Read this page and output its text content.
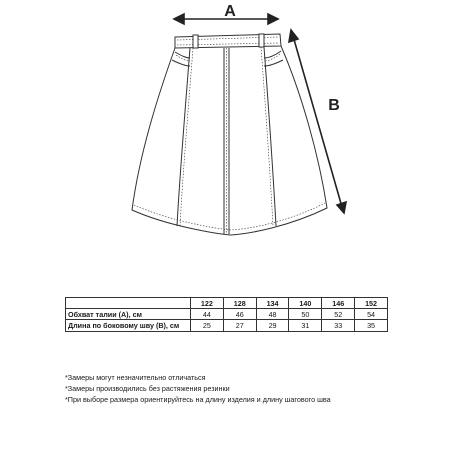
A
B
	122	128	134	140	146	152
Обхват талии (А), см	44	46	48	50	52	54
Длина по боковому шву (В), см	25	27	29	31	33	35
*Замеры могут незначительно отличаться
*Замеры производились без растяжения резинки
*При выборе размера ориентируйтесь на длину изделия и длину шагового шва
